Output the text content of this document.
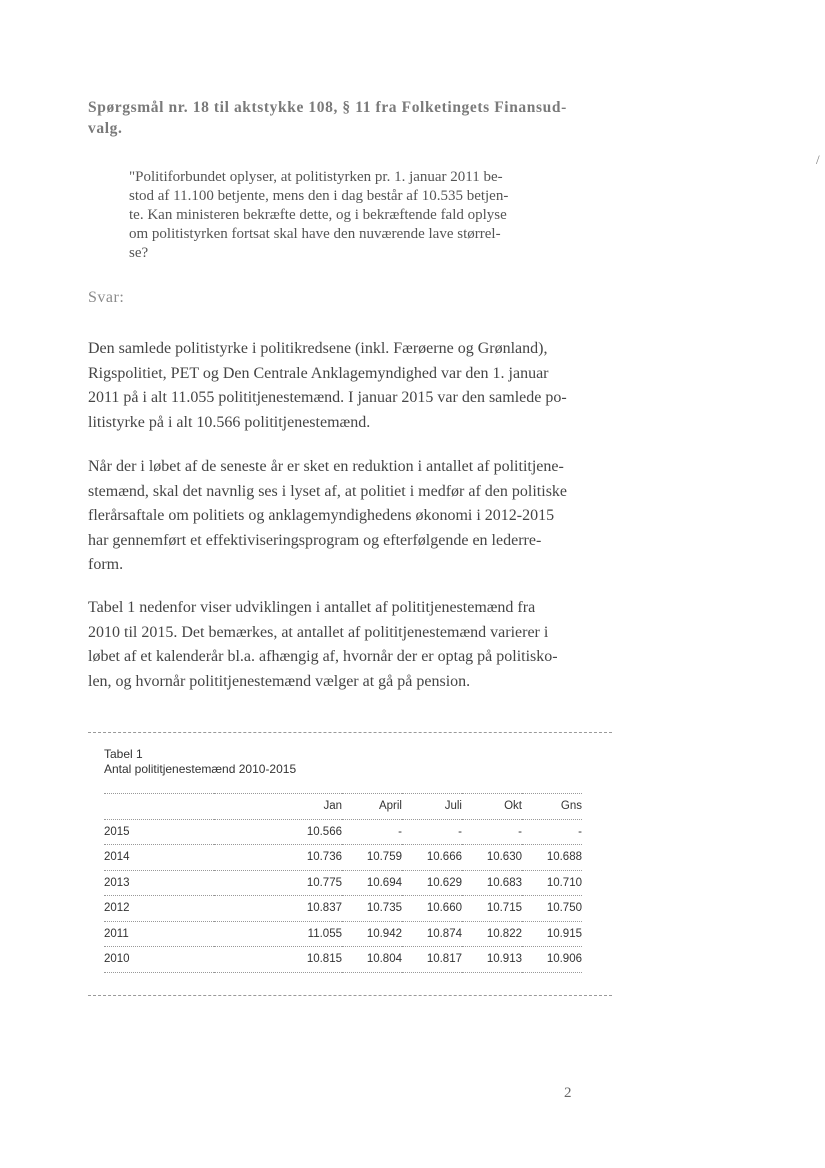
Spørgsmål nr. 18 til aktstykke 108, § 11 fra Folketingets Finansud-
valg.
/
"Politiforbundet oplyser, at politistyrken pr. 1. januar 2011 be-
stod af 11.100 betjente, mens den i dag består af 10.535 betjen-
te. Kan ministeren bekræfte dette, og i bekræftende fald oplyse
om politistyrken fortsat skal have den nuværende lave størrel-
se?
Svar:
Den samlede politistyrke i politikredsene (inkl. Færøerne og Grønland),
Rigspolitiet, PET og Den Centrale Anklagemyndighed var den 1. januar
2011 på i alt 11.055 polititjenestemænd. I januar 2015 var den samlede po-
litistyrke på i alt 10.566 polititjenestemænd.
Når der i løbet af de seneste år er sket en reduktion i antallet af polititjene-
stemænd, skal det navnlig ses i lyset af, at politiet i medfør af den politiske
flerårsaftale om politiets og anklagemyndighedens økonomi i 2012-2015
har gennemført et effektiviseringsprogram og efterfølgende en lederre-
form.
Tabel 1 nedenfor viser udviklingen i antallet af polititjenestemænd fra
2010 til 2015. Det bemærkes, at antallet af polititjenestemænd varierer i
løbet af et kalenderår bl.a. afhængig af, hvornår der er optag på politisko-
len, og hvornår polititjenestemænd vælger at gå på pension.
Tabel 1
Antal polititjenestemænd 2010-2015
	Jan	April	Juli	Okt	Gns
2015	10.566	-	-	-	-
2014	10.736	10.759	10.666	10.630	10.688
2013	10.775	10.694	10.629	10.683	10.710
2012	10.837	10.735	10.660	10.715	10.750
2011	11.055	10.942	10.874	10.822	10.915
2010	10.815	10.804	10.817	10.913	10.906
2
